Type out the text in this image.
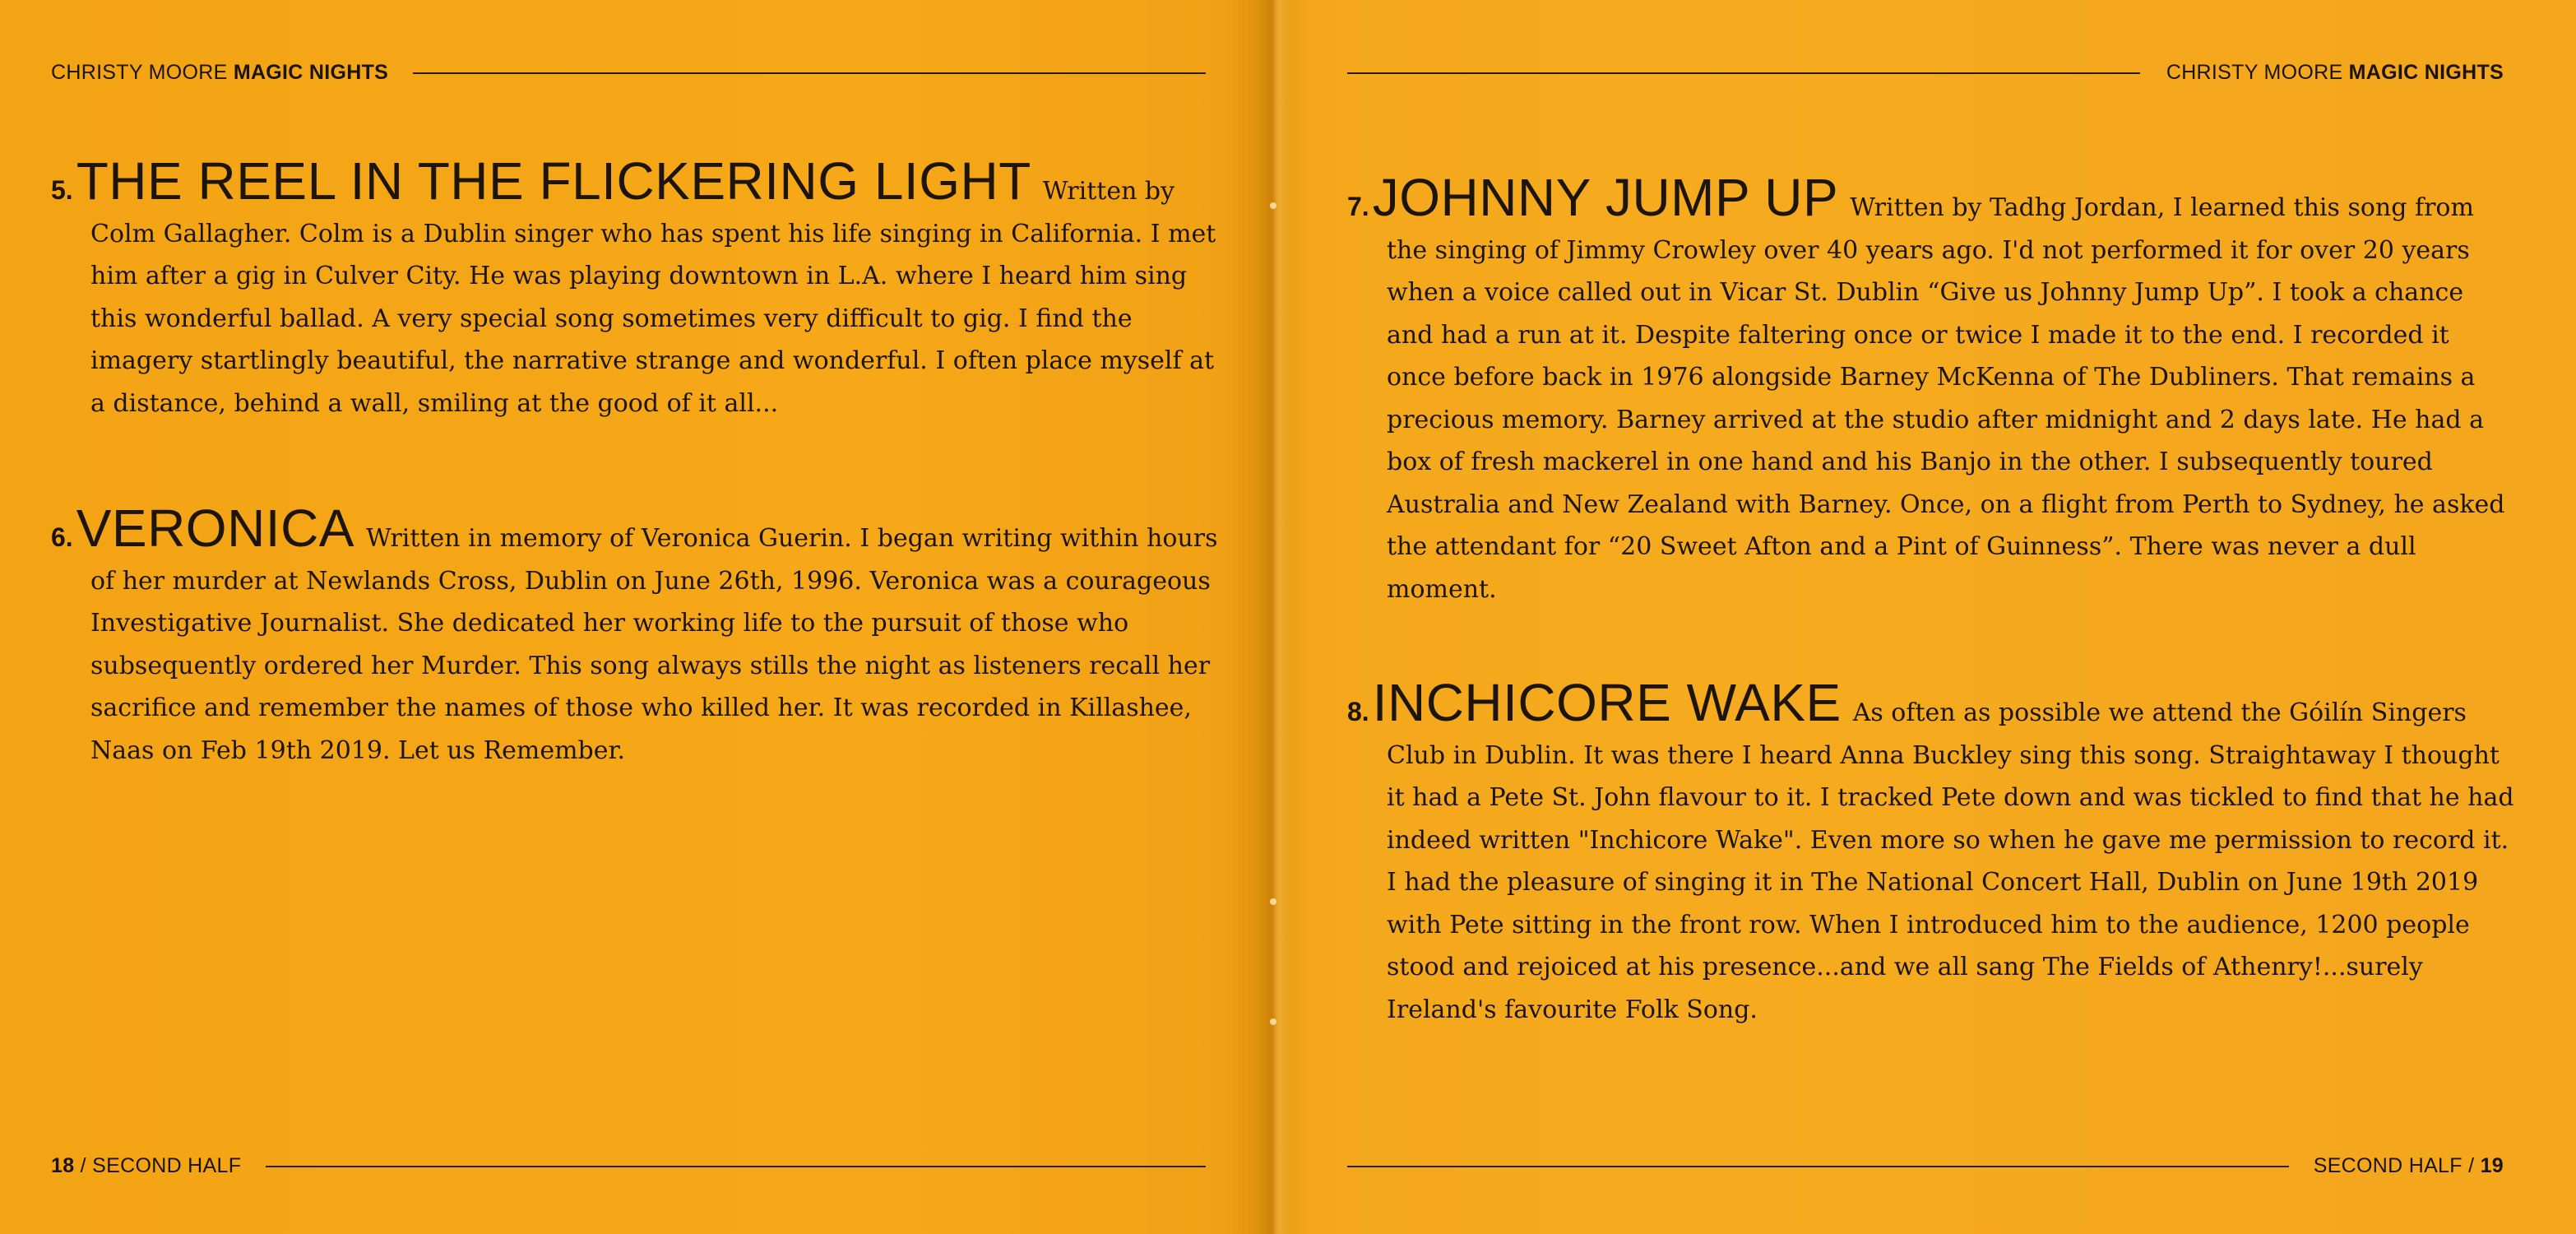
CHRISTY MOORE
MAGIC NIGHTS	CHRISTY MOORE
MAGIC NIGHTS

5.THE REEL IN THE FLICKERING LIGHT Written by Colm Gallagher. Colm is a Dublin singer who has spent his life singing in California. I met him after a gig in Culver City. He was playing downtown in L.A. where I heard him sing this wonderful ballad. A very special song sometimes very difficult to gig. I find the imagery startlingly beautiful, the narrative strange and wonderful. I often place myself at a distance, behind a wall, smiling at the good of it all...

6.VERONICA Written in memory of Veronica Guerin. I began writing within hours of her murder at Newlands Cross, Dublin on June 26th, 1996. Veronica was a courageous Investigative Journalist. She dedicated her working life to the pursuit of those who subsequently ordered her Murder. This song always stills the night as listeners recall her sacrifice and remember the names of those who killed her. It was recorded in Killashee, Naas on Feb 19th 2019. Let us Remember.

7.JOHNNY JUMP UP Written by Tadhg Jordan, I learned this song from the singing of Jimmy Crowley over 40 years ago. I'd not performed it for over 20 years when a voice called out in Vicar St. Dublin “Give us Johnny Jump Up”. I took a chance and had a run at it. Despite faltering once or twice I made it to the end. I recorded it once before back in 1976 alongside Barney McKenna of The Dubliners. That remains a precious memory. Barney arrived at the studio after midnight and 2 days late. He had a box of fresh mackerel in one hand and his Banjo in the other. I subsequently toured Australia and New Zealand with Barney. Once, on a flight from Perth to Sydney, he asked the attendant for “20 Sweet Afton and a Pint of Guinness”. There was never a dull moment.

8.INCHICORE WAKE As often as possible we attend the Góilín Singers Club in Dublin. It was there I heard Anna Buckley sing this song. Straightaway I thought it had a Pete St. John flavour to it. I tracked Pete down and was tickled to find that he had indeed written "Inchicore Wake". Even more so when he gave me permission to record it. I had the pleasure of singing it in The National Concert Hall, Dublin on June 19th 2019 with Pete sitting in the front row. When I introduced him to the audience, 1200 people stood and rejoiced at his presence...and we all sang The Fields of Athenry!...surely Ireland's favourite Folk Song.

18
/ SECOND HALF	SECOND HALF /
19
